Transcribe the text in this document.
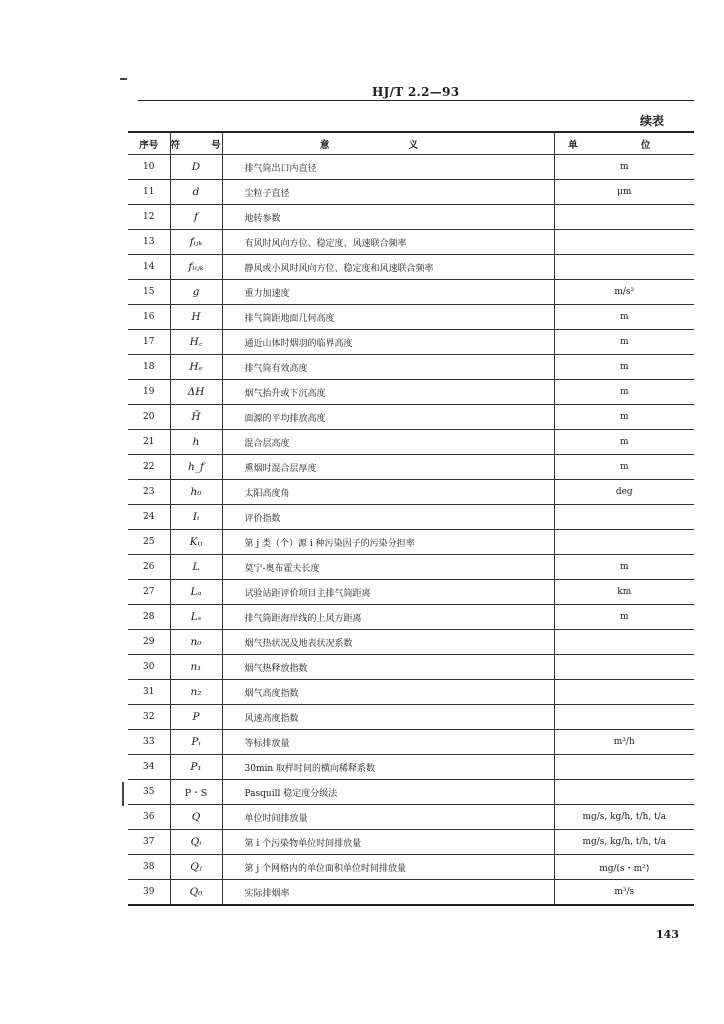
HJ/T 2.2—93
续表
序号	符 号	意 义	单 位
10	D	排气筒出口内直径	m
11	d	尘粒子直径	μm
12	f	地转参数	
13	fᵢⱼₖ	有风时风向方位、稳定度、风速联合频率	
14	fₗᵢⱼₖ	静风或小风时风向方位、稳定度和风速联合频率	
15	g	重力加速度	m/s²
16	H	排气筒距地面几何高度	m
17	H꜀	通近山体时烟羽的临界高度	m
18	Hₑ	排气筒有效高度	m
19	ΔH	烟气抬升或下沉高度	m
20	H̄	面源的平均排放高度	m
21	h	混合层高度	m
22	h_f	熏烟时混合层厚度	m
23	h₀	太阳高度角	deg
24	Iᵢ	评价指数	
25	Kᵢⱼ	第 j 类（个）源 i 种污染因子的污染分担率	
26	L	莫宁-奥布霍夫长度	m
27	Lₐ	试验站距评价项目主排气筒距离	km
28	Lₛ	排气筒距海岸线的上风方距离	m
29	n₀	烟气热状况及地表状况系数	
30	n₁	烟气热释放指数	
31	n₂	烟气高度指数	
32	P	风速高度指数	
33	Pᵢ	等标排放量	m³/h
34	P₁	30min 取样时间的横向稀释系数	
35	P・S	Pasquill 稳定度分级法	
36	Q	单位时间排放量	mg/s, kg/h, t/h, t/a
37	Qᵢ	第 i 个污染物单位时间排放量	mg/s, kg/h, t/h, t/a
38	Qⱼ	第 j 个网格内的单位面积单位时间排放量	mg/(s・m²)
39	Q₀	实际排烟率	m³/s
143
